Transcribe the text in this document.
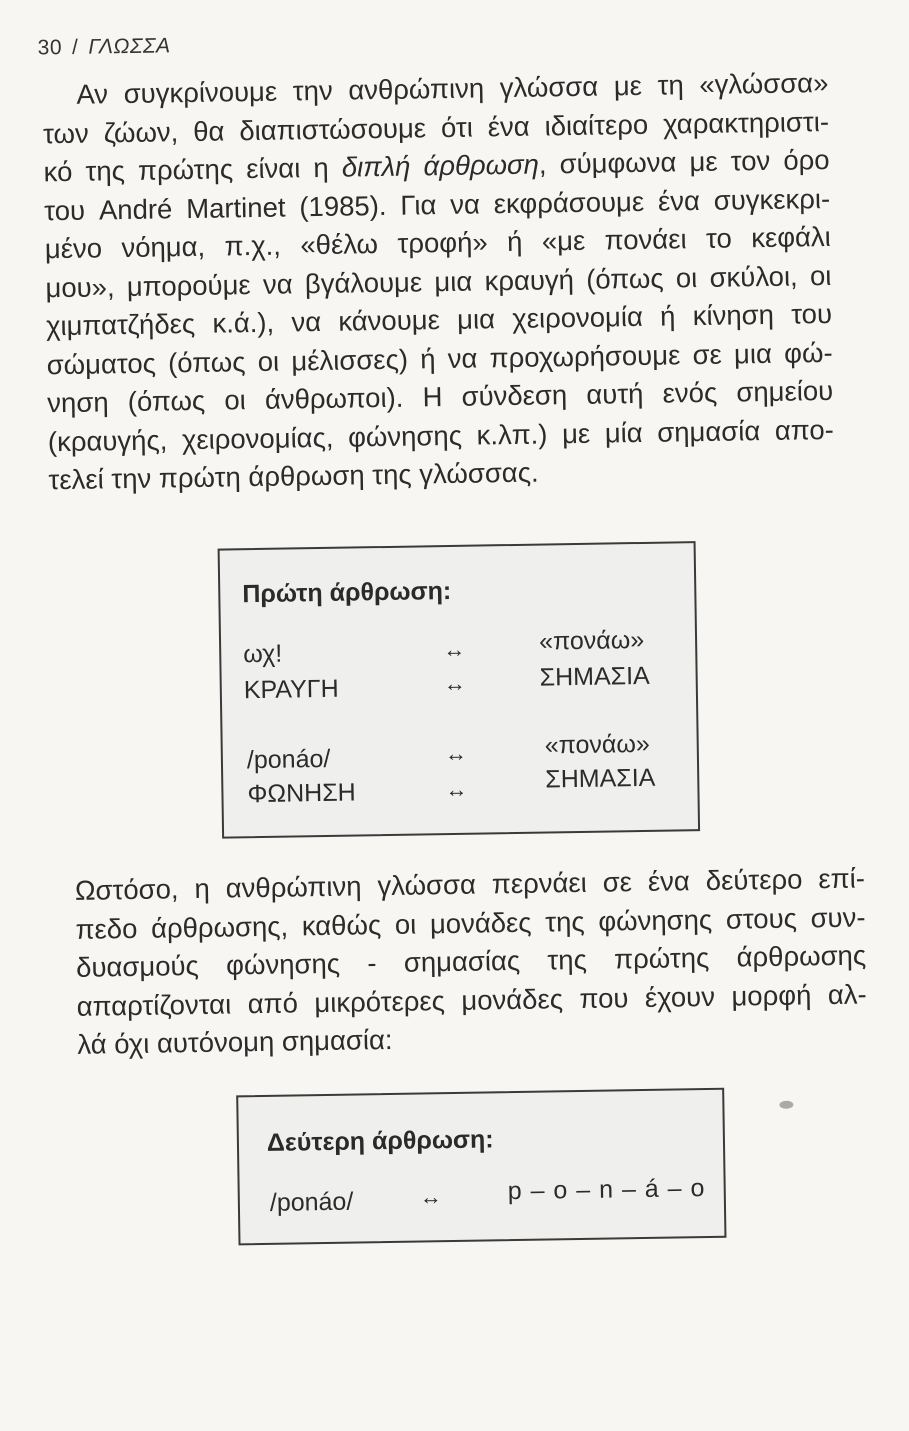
30 / ΓΛΩΣΣΑ

Αν συγκρίνουμε την ανθρώπινη γλώσσα με τη «γλώσσα»
των ζώων, θα διαπιστώσουμε ότι ένα ιδιαίτερο χαρακτηριστι-
κό της πρώτης είναι η διπλή άρθρωση, σύμφωνα με τον όρο
του André Martinet (1985). Για να εκφράσουμε ένα συγκεκρι-
μένο νόημα, π.χ., «θέλω τροφή» ή «με πονάει το κεφάλι
μου», μπορούμε να βγάλουμε μια κραυγή (όπως οι σκύλοι, οι
χιμπατζήδες κ.ά.), να κάνουμε μια χειρονομία ή κίνηση του
σώματος (όπως οι μέλισσες) ή να προχωρήσουμε σε μια φώ-
νηση (όπως οι άνθρωποι). Η σύνδεση αυτή ενός σημείου
(κραυγής, χειρονομίας, φώνησης κ.λπ.) με μία σημασία απο-
τελεί την πρώτη άρθρωση της γλώσσας.

Πρώτη άρθρωση:
ωχ!	↔	«πονάω»
ΚΡΑΥΓΗ	↔	ΣΗΜΑΣΙΑ
/ponáo/	↔	«πονάω»
ΦΩΝΗΣΗ	↔	ΣΗΜΑΣΙΑ

Ωστόσο, η ανθρώπινη γλώσσα περνάει σε ένα δεύτερο επί-
πεδο άρθρωσης, καθώς οι μονάδες της φώνησης στους συν-
δυασμούς φώνησης - σημασίας της πρώτης άρθρωσης
απαρτίζονται από μικρότερες μονάδες που έχουν μορφή αλ-
λά όχι αυτόνομη σημασία:

Δεύτερη άρθρωση:
/ponáo/	↔	p – o – n – á – o
